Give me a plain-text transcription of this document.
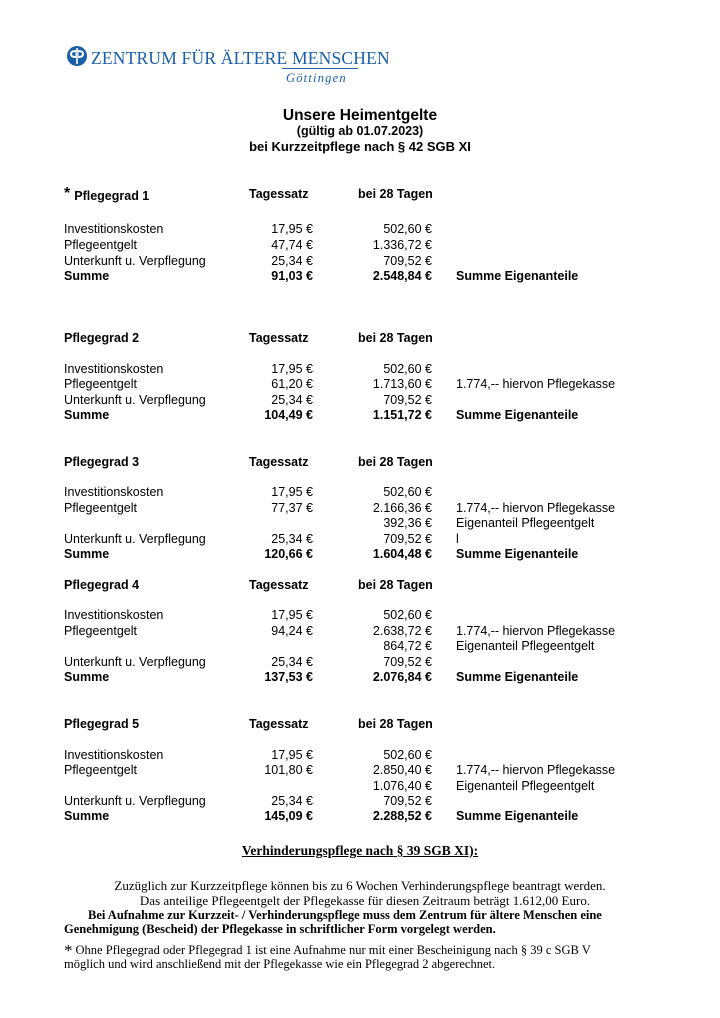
ZENTRUM FÜR ÄLTERE MENSCHEN
Göttingen
Unsere Heimentgelte
(gültig ab 01.07.2023)
bei Kurzzeitpflege nach § 42 SGB XI
* Pflegegrad 1	Tagessatz	bei 28 Tagen
Investitionskosten	17,95 €	502,60 €
Pflegeentgelt	47,74 €	1.336,72 €
Unterkunft u. Verpflegung	25,34 €	709,52 €
Summe	91,03 €	2.548,84 € Summe Eigenanteile
Pflegegrad 2	Tagessatz	bei 28 Tagen
Investitionskosten	17,95 €	502,60 €
Pflegeentgelt	61,20 €	1.713,60 € 1.774,-- hiervon Pflegekasse
Unterkunft u. Verpflegung	25,34 €	709,52 €
Summe	104,49 €	1.151,72 € Summe Eigenanteile
Pflegegrad 3	Tagessatz	bei 28 Tagen
Investitionskosten	17,95 €	502,60 €
Pflegeentgelt	77,37 €	2.166,36 € 1.774,-- hiervon Pflegekasse
392,36 € Eigenanteil Pflegeentgelt
Unterkunft u. Verpflegung	25,34 €	709,52 € l
Summe	120,66 €	1.604,48 € Summe Eigenanteile
Pflegegrad 4	Tagessatz	bei 28 Tagen
Investitionskosten	17,95 €	502,60 €
Pflegeentgelt	94,24 €	2.638,72 € 1.774,-- hiervon Pflegekasse
864,72 € Eigenanteil Pflegeentgelt
Unterkunft u. Verpflegung	25,34 €	709,52 €
Summe	137,53 €	2.076,84 € Summe Eigenanteile
Pflegegrad 5	Tagessatz	bei 28 Tagen
Investitionskosten	17,95 €	502,60 €
Pflegeentgelt	101,80 €	2.850,40 € 1.774,-- hiervon Pflegekasse
1.076,40 € Eigenanteil Pflegeentgelt
Unterkunft u. Verpflegung	25,34 €	709,52 €
Summe	145,09 €	2.288,52 € Summe Eigenanteile
Verhinderungspflege nach § 39 SGB XI):
Zuzüglich zur Kurzzeitpflege können bis zu 6 Wochen Verhinderungspflege beantragt werden.
Das anteilige Pflegeentgelt der Pflegekasse für diesen Zeitraum beträgt 1.612,00 Euro.
Bei Aufnahme zur Kurzzeit- / Verhinderungspflege muss dem Zentrum für ältere Menschen eine
Genehmigung (Bescheid) der Pflegekasse in schriftlicher Form vorgelegt werden.
* Ohne Pflegegrad oder Pflegegrad 1 ist eine Aufnahme nur mit einer Bescheinigung nach § 39 c SGB V
möglich und wird anschließend mit der Pflegekasse wie ein Pflegegrad 2 abgerechnet.
